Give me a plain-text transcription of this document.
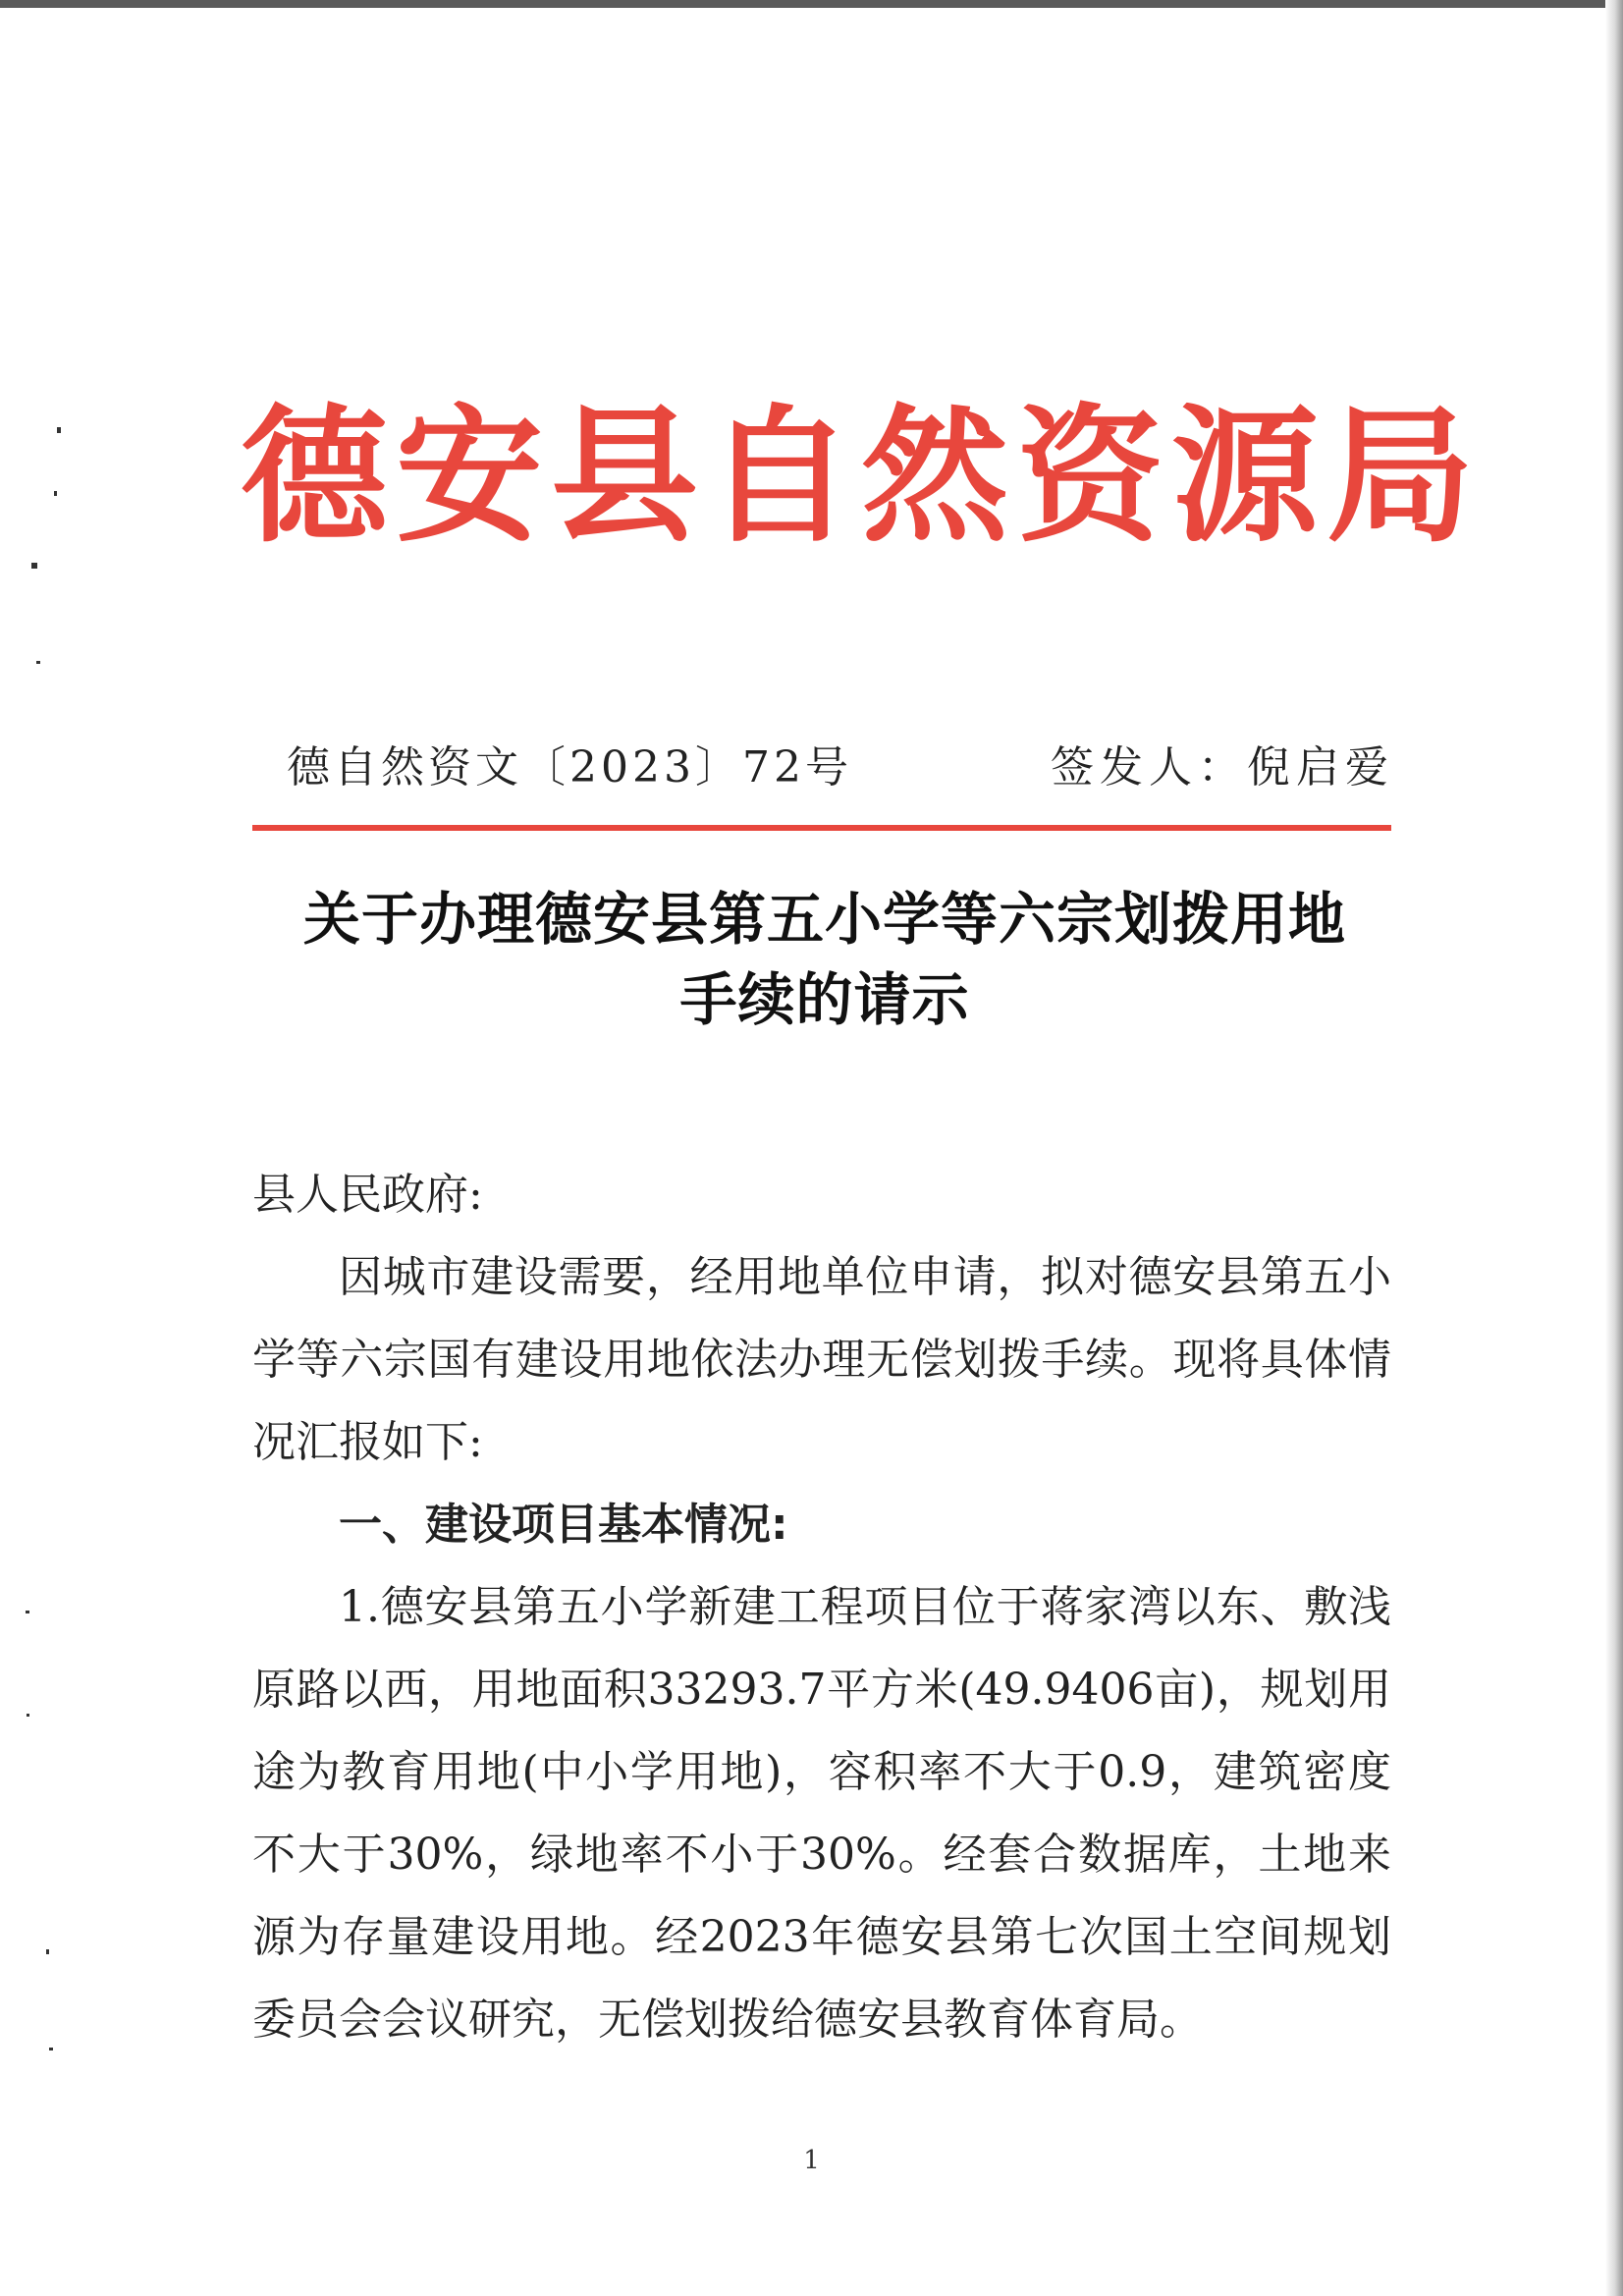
德安县自然资源局
德自然资文〔2023〕72号	签发人：倪启爱
关于办理德安县第五小学等六宗划拨用地
手续的请示

县人民政府:

因城市建设需要，经用地单位申请，拟对德安县第五小学等六宗国有建设用地依法办理无偿划拨手续。现将具体情况汇报如下:

一、建设项目基本情况:

1.德安县第五小学新建工程项目位于蒋家湾以东、敷浅原路以西，用地面积33293.7平方米(49.9406亩)，规划用途为教育用地(中小学用地)，容积率不大于0.9，建筑密度不大于30%，绿地率不小于30%。经套合数据库，土地来源为存量建设用地。经2023年德安县第七次国土空间规划委员会会议研究，无偿划拨给德安县教育体育局。

1
